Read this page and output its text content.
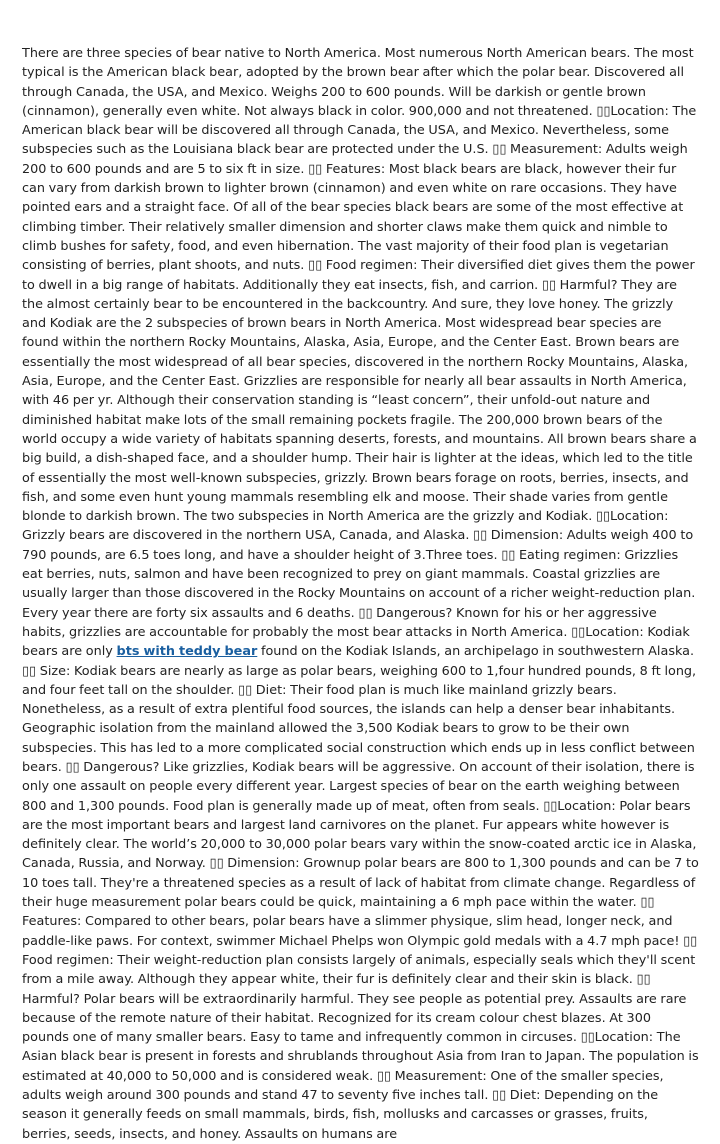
There are three species of bear native to North America. Most numerous North American bears. The most typical is the American black bear, adopted by the brown bear after which the polar bear. Discovered all through Canada, the USA, and Mexico. Weighs 200 to 600 pounds. Will be darkish or gentle brown (cinnamon), generally even white. Not always black in color. 900,000 and not threatened. ▯▯Location: The American black bear will be discovered all through Canada, the USA, and Mexico. Nevertheless, some subspecies such as the Louisiana black bear are protected under the U.S. ▯▯ Measurement: Adults weigh 200 to 600 pounds and are 5 to six ft in size. ▯▯ Features: Most black bears are black, however their fur can vary from darkish brown to lighter brown (cinnamon) and even white on rare occasions. They have pointed ears and a straight face. Of all of the bear species black bears are some of the most effective at climbing timber. Their relatively smaller dimension and shorter claws make them quick and nimble to climb bushes for safety, food, and even hibernation. The vast majority of their food plan is vegetarian consisting of berries, plant shoots, and nuts. ▯▯ Food regimen: Their diversified diet gives them the power to dwell in a big range of habitats. Additionally they eat insects, fish, and carrion. ▯▯ Harmful? They are the almost certainly bear to be encountered in the backcountry. And sure, they love honey. The grizzly and Kodiak are the 2 subspecies of brown bears in North America. Most widespread bear species are found within the northern Rocky Mountains, Alaska, Asia, Europe, and the Center East. Brown bears are essentially the most widespread of all bear species, discovered in the northern Rocky Mountains, Alaska, Asia, Europe, and the Center East. Grizzlies are responsible for nearly all bear assaults in North America, with 46 per yr. Although their conservation standing is “least concern”, their unfold-out nature and diminished habitat make lots of the small remaining pockets fragile. The 200,000 brown bears of the world occupy a wide variety of habitats spanning deserts, forests, and mountains. All brown bears share a big build, a dish-shaped face, and a shoulder hump. Their hair is lighter at the ideas, which led to the title of essentially the most well-known subspecies, grizzly. Brown bears forage on roots, berries, insects, and fish, and some even hunt young mammals resembling elk and moose. Their shade varies from gentle blonde to darkish brown. The two subspecies in North America are the grizzly and Kodiak. ▯▯Location: Grizzly bears are discovered in the northern USA, Canada, and Alaska. ▯▯ Dimension: Adults weigh 400 to 790 pounds, are 6.5 toes long, and have a shoulder height of 3.Three toes. ▯▯ Eating regimen: Grizzlies eat berries, nuts, salmon and have been recognized to prey on giant mammals. Coastal grizzlies are usually larger than those discovered in the Rocky Mountains on account of a richer weight-reduction plan. Every year there are forty six assaults and 6 deaths. ▯▯ Dangerous? Known for his or her aggressive habits, grizzlies are accountable for probably the most bear attacks in North America. ▯▯Location: Kodiak bears are only bts with teddy bear found on the Kodiak Islands, an archipelago in southwestern Alaska. ▯▯ Size: Kodiak bears are nearly as large as polar bears, weighing 600 to 1,four hundred pounds, 8 ft long, and four feet tall on the shoulder. ▯▯ Diet: Their food plan is much like mainland grizzly bears. Nonetheless, as a result of extra plentiful food sources, the islands can help a denser bear inhabitants. Geographic isolation from the mainland allowed the 3,500 Kodiak bears to grow to be their own subspecies. This has led to a more complicated social construction which ends up in less conflict between bears. ▯▯ Dangerous? Like grizzlies, Kodiak bears will be aggressive. On account of their isolation, there is only one assault on people every different year. Largest species of bear on the earth weighing between 800 and 1,300 pounds. Food plan is generally made up of meat, often from seals. ▯▯Location: Polar bears are the most important bears and largest land carnivores on the planet. Fur appears white however is definitely clear. The world’s 20,000 to 30,000 polar bears vary within the snow-coated arctic ice in Alaska, Canada, Russia, and Norway. ▯▯ Dimension: Grownup polar bears are 800 to 1,300 pounds and can be 7 to 10 toes tall. They're a threatened species as a result of lack of habitat from climate change. Regardless of their huge measurement polar bears could be quick, maintaining a 6 mph pace within the water. ▯▯ Features: Compared to other bears, polar bears have a slimmer physique, slim head, longer neck, and paddle-like paws. For context, swimmer Michael Phelps won Olympic gold medals with a 4.7 mph pace! ▯▯ Food regimen: Their weight-reduction plan consists largely of animals, especially seals which they'll scent from a mile away. Although they appear white, their fur is definitely clear and their skin is black. ▯▯ Harmful? Polar bears will be extraordinarily harmful. They see people as potential prey. Assaults are rare because of the remote nature of their habitat. Recognized for its cream colour chest blazes. At 300 pounds one of many smaller bears. Easy to tame and infrequently common in circuses. ▯▯Location: The Asian black bear is present in forests and shrublands throughout Asia from Iran to Japan. The population is estimated at 40,000 to 50,000 and is considered weak. ▯▯ Measurement: One of the smaller species, adults weigh around 300 pounds and stand 47 to seventy five inches tall. ▯▯ Diet: Depending on the season it generally feeds on small mammals, birds, fish, mollusks and carcasses or grasses, fruits, berries, seeds, insects, and honey. Assaults on humans are
